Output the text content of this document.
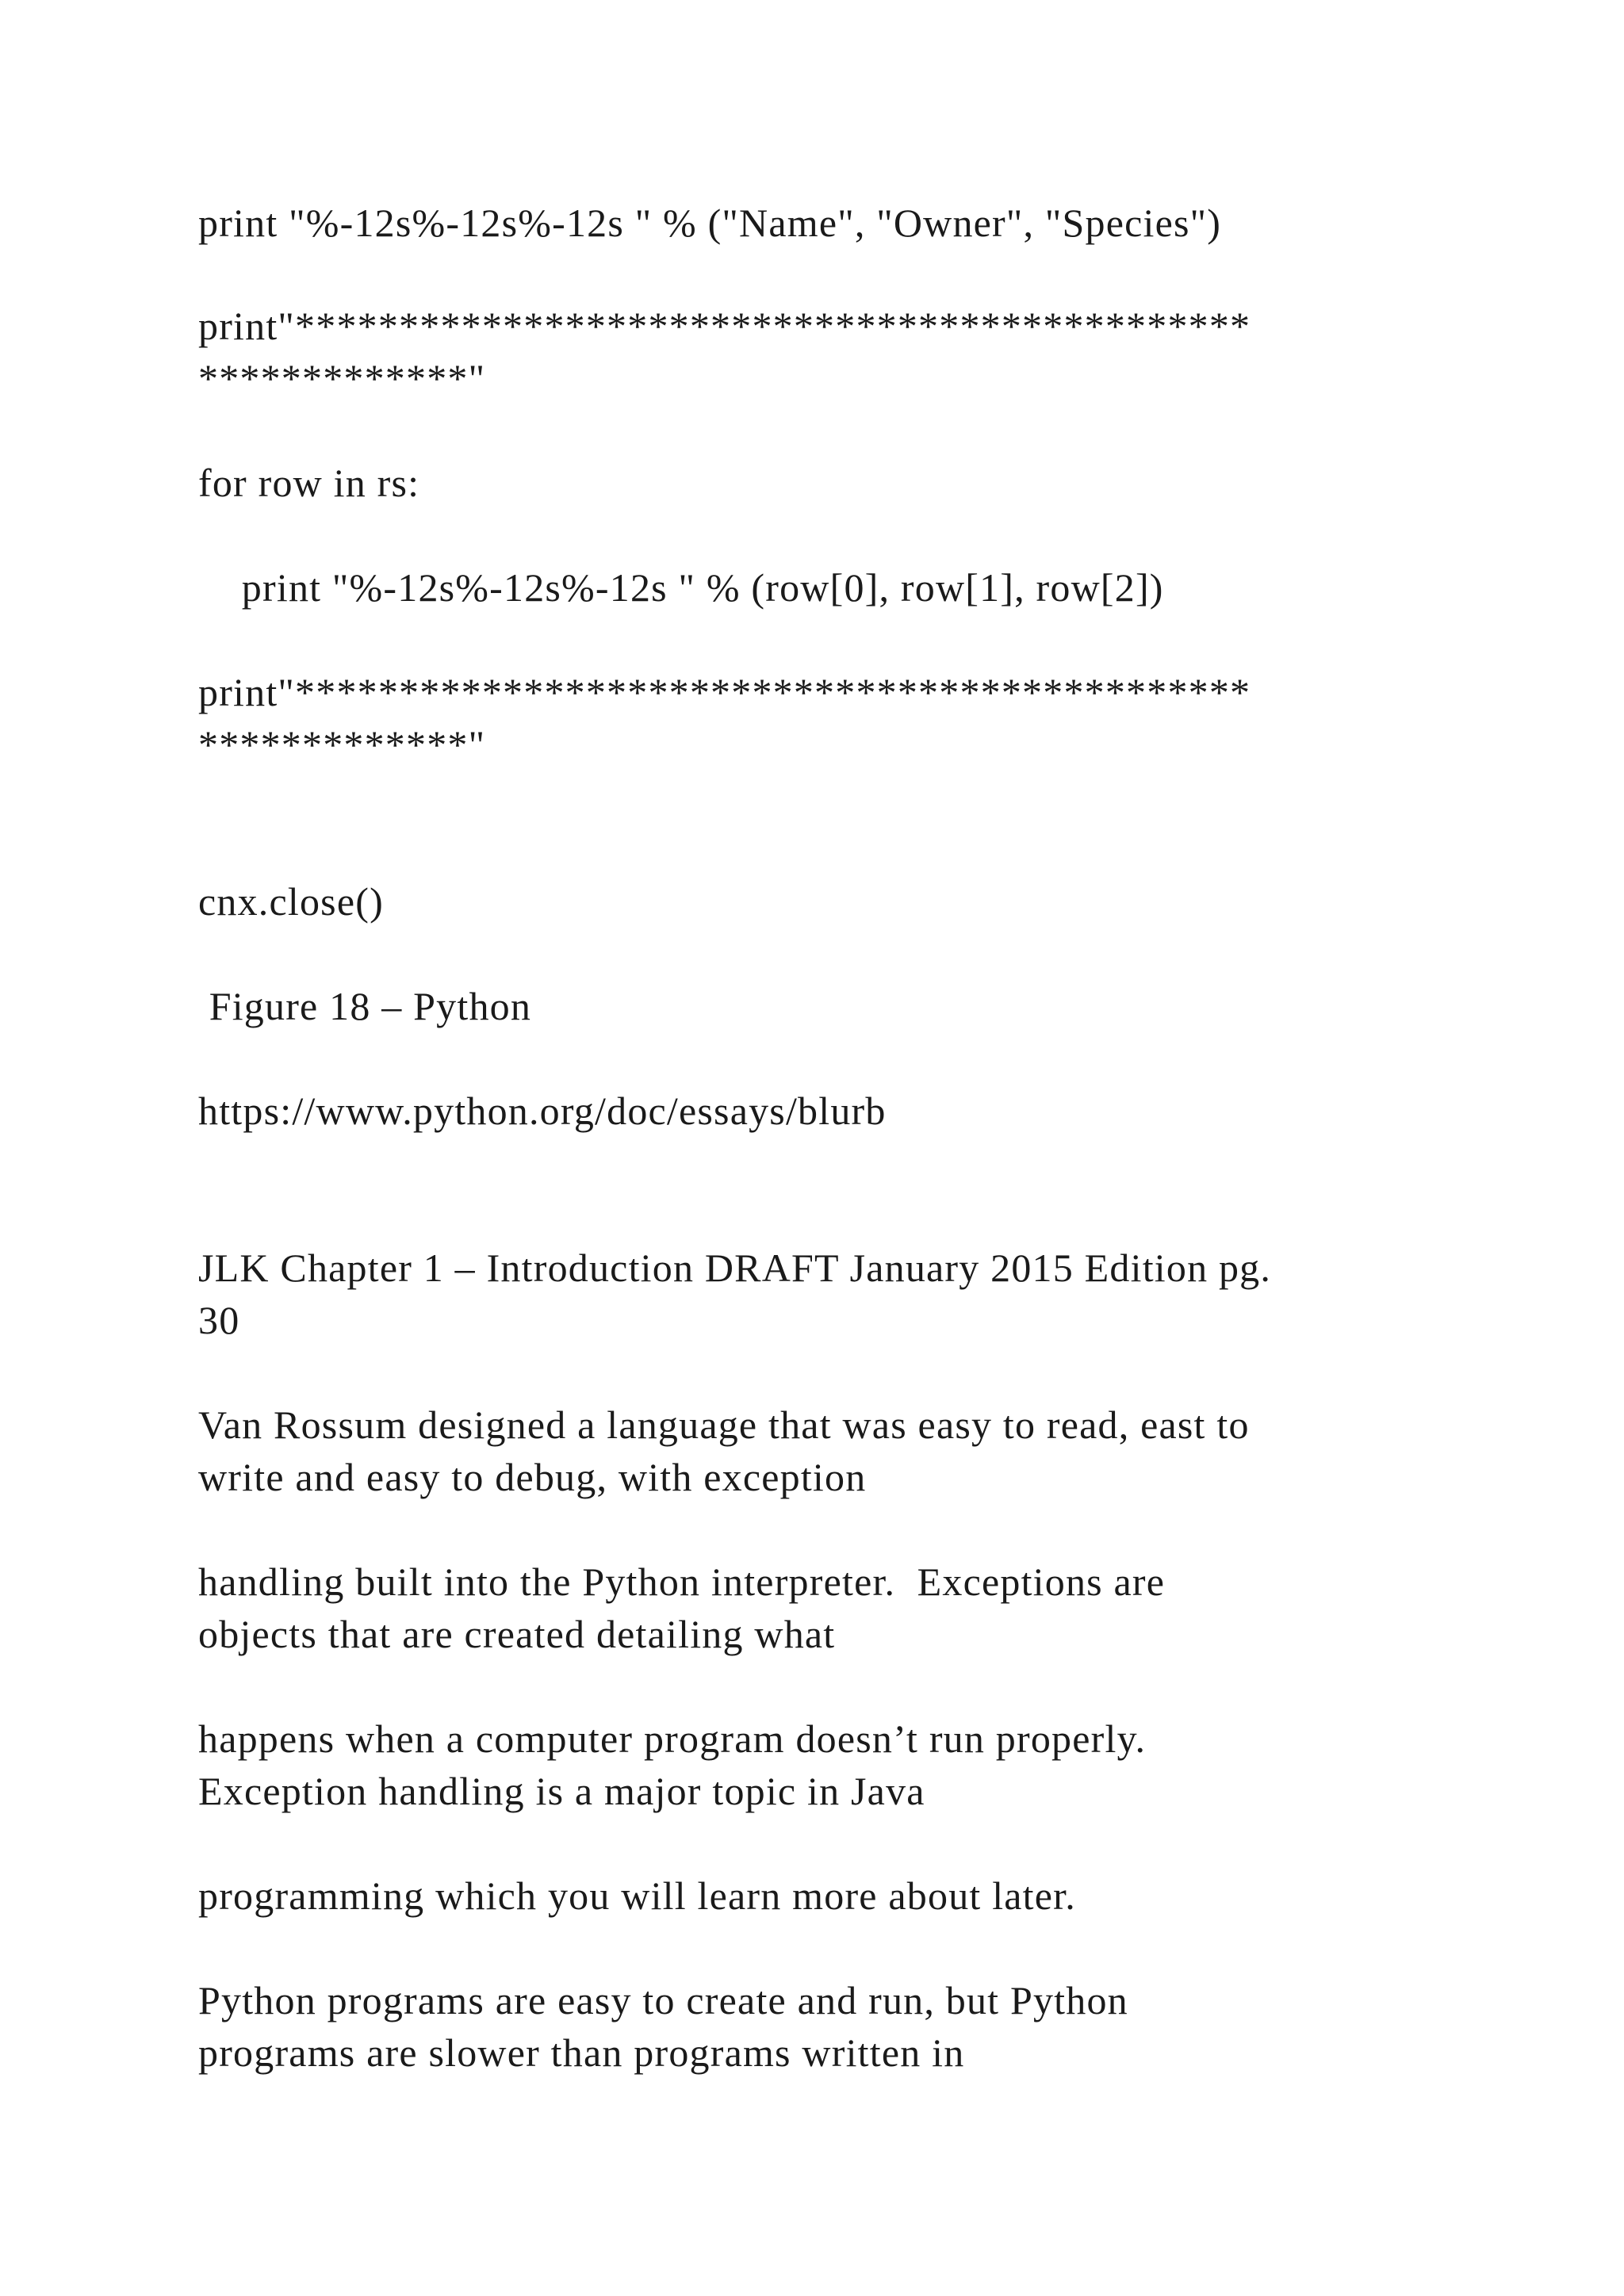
print "%-12s%-12s%-12s " % ("Name", "Owner", "Species")

print"**********************************************

*************"

for row in rs:

print "%-12s%-12s%-12s " % (row[0], row[1], row[2])

print"**********************************************

*************"

cnx.close()

Figure 18 – Python

https://www.python.org/doc/essays/blurb

JLK Chapter 1 – Introduction DRAFT January 2015 Edition pg.

30

Van Rossum designed a language that was easy to read, east to

write and easy to debug, with exception

handling built into the Python interpreter.  Exceptions are

objects that are created detailing what

happens when a computer program doesn’t run properly.

Exception handling is a major topic in Java

programming which you will learn more about later.

Python programs are easy to create and run, but Python

programs are slower than programs written in
